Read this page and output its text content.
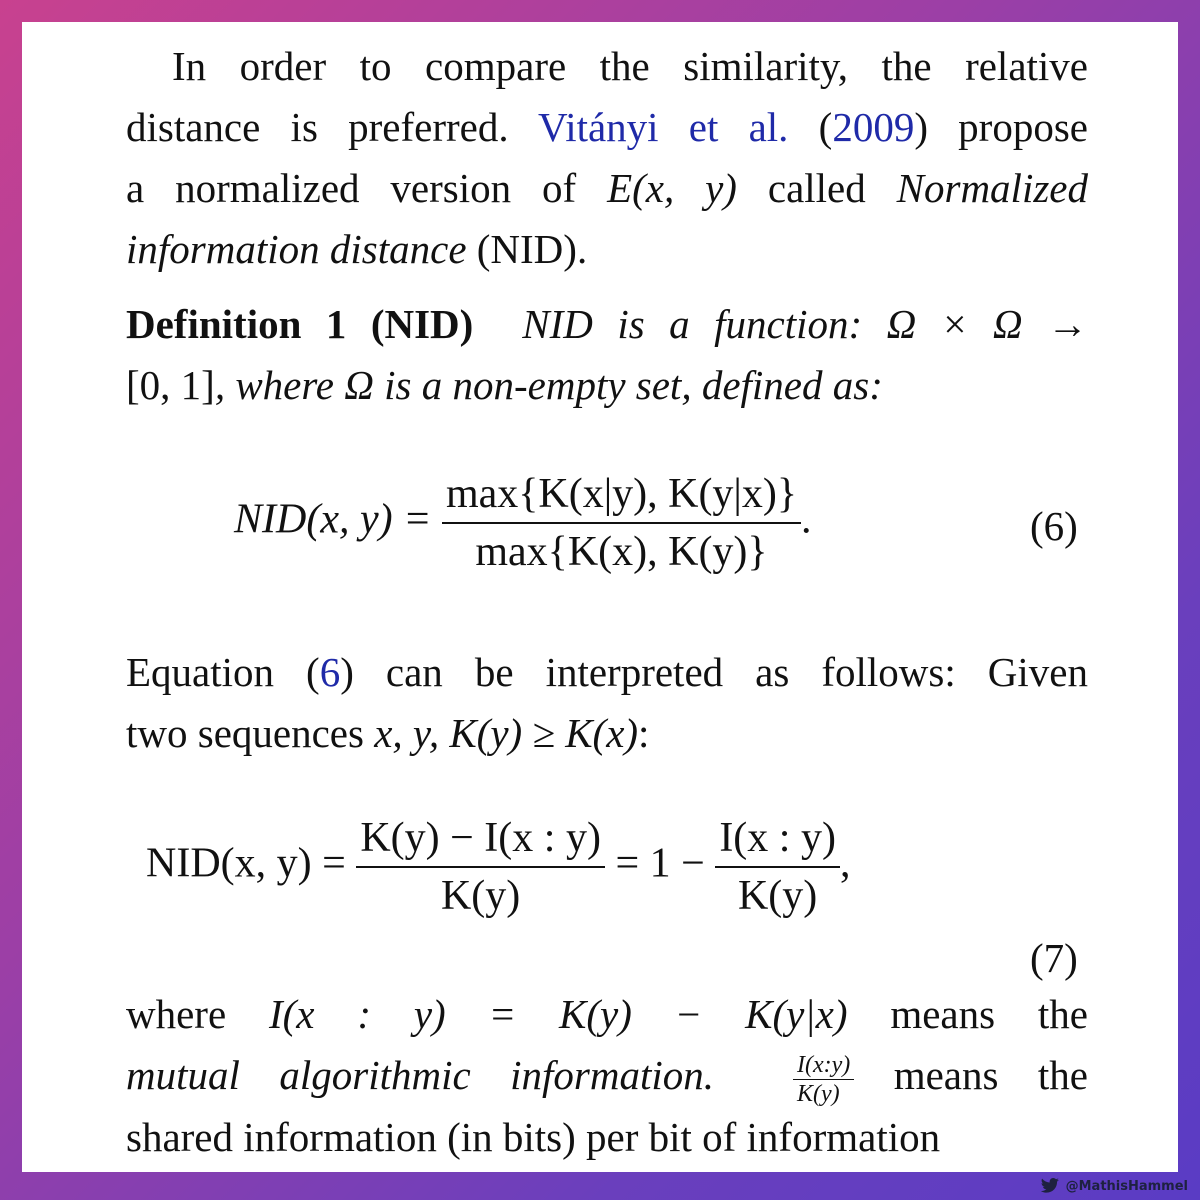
In order to compare the similarity, the relative
distance is preferred. Vitányi et al. (2009) propose
a normalized version of E(x, y) called Normalized
information distance (NID).
Definition 1 (NID) NID is a function: Ω × Ω →
[0, 1], where Ω is a non-empty set, defined as:
NID(x, $y) = \frac{\max\{K(x|y), K(y|x)\}}{\max\{K(x), K(y)\}}$ .	(6)
Equation (6) can be interpreted as follows: Given
two sequences x, y, K(y) ≥ K(x):
NID(x, $y) = \frac{K(y) - I(x : y)}{K(y)} = 1 - \frac{I(x : y)}{K(y)}$ ,
(7)
where I(x : y) = K(y) − K(y|x) means the
mutual algorithmic information.	$\frac{I(x:y)}{K(y)}$ means the
shared information (in bits) per bit of information
@MathisHammel
